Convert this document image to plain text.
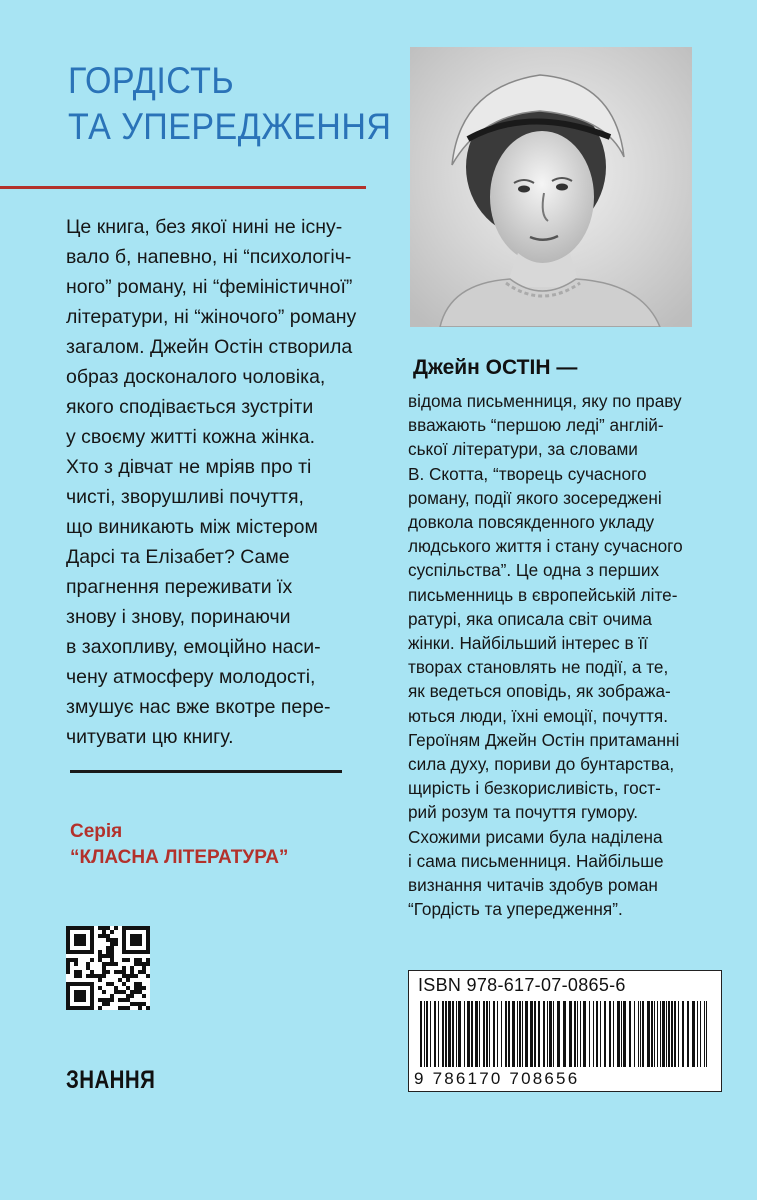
ГОРДІСТЬ
ТА УПЕРЕДЖЕННЯ
Це книга, без якої нині не існу-
вало б, напевно, ні “психологіч-
ного” роману, ні “феміністичної”
літератури, ні “жіночого” роману
загалом. Джейн Остін створила
образ досконалого чоловіка,
якого сподівається зустріти
у своєму житті кожна жінка.
Хто з дівчат не мріяв про ті
чисті, зворушливі почуття,
що виникають між містером
Дарсі та Елізабет? Саме
прагнення переживати їх
знову і знову, поринаючи
в захопливу, емоційно наси-
чену атмосферу молодості,
змушує нас вже вкотре пере-
читувати цю книгу.
Серія
“КЛАСНА ЛІТЕРАТУРА”
ЗНАННЯ
Джейн ОСТІН —
відома письменниця, яку по праву
вважають “першою леді” англій-
ської літератури, за словами
В. Скотта, “творець сучасного
роману, події якого зосереджені
довкола повсякденного укладу
людського життя і стану сучасного
суспільства”. Це одна з перших
письменниць в європейській літе-
ратурі, яка описала світ очима
жінки. Найбільший інтерес в її
творах становлять не події, а те,
як ведеться оповідь, як зобража-
ються люди, їхні емоції, почуття.
Героїням Джейн Остін притаманні
сила духу, пориви до бунтарства,
щирість і безкорисливість, гост-
рий розум та почуття гумору.
Схожими рисами була наділена
і сама письменниця. Найбільше
визнання читачів здобув роман
“Гордість та упередження”.
ISBN 978-617-07-0865-6
9 786170 708656
